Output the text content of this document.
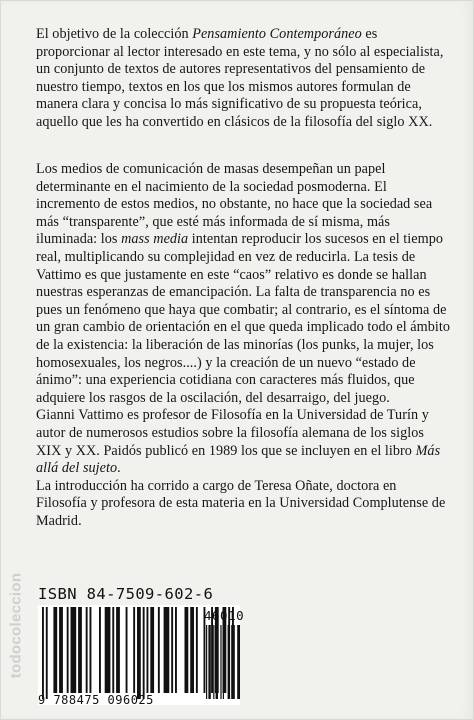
El objetivo de la colección Pensamiento Contemporáneo es proporcionar al lector interesado en este tema, y no sólo al especialista, un conjunto de textos de autores representativos del pensamiento de nuestro tiempo, textos en los que los mismos autores formulan de manera clara y concisa lo más significativo de su propuesta teórica, aquello que les ha convertido en clásicos de la filosofía del siglo XX.

Los medios de comunicación de masas desempeñan un papel determinante en el nacimiento de la sociedad posmoderna. El incremento de estos medios, no obstante, no hace que la sociedad sea más “transparente”, que esté más informada de sí misma, más iluminada: los mass media intentan reproducir los sucesos en el tiempo real, multiplicando su complejidad en vez de reducirla. La tesis de Vattimo es que justamente en este “caos” relativo es donde se hallan nuestras esperanzas de emancipación. La falta de transparencia no es pues un fenómeno que haya que combatir; al contrario, es el síntoma de un gran cambio de orientación en el que queda implicado todo el ámbito de la existencia: la liberación de las minorías (los punks, la mujer, los homosexuales, los negros....) y la creación de un nuevo “estado de ánimo”: una experiencia cotidiana con caracteres más fluidos, que adquiere los rasgos de la oscilación, del desarraigo, del juego.

Gianni Vattimo es profesor de Filosofía en la Universidad de Turín y autor de numerosos estudios sobre la filosofía alemana de los siglos XIX y XX. Paidós publicó en 1989 los que se incluyen en el libro Más allá del sujeto.

La introducción ha corrido a cargo de Teresa Oñate, doctora en Filosofía y profesora de esta materia en la Universidad Complutense de Madrid.

todocoleccion ISBN 84-7509-602-6
46010
9 788475 096025
